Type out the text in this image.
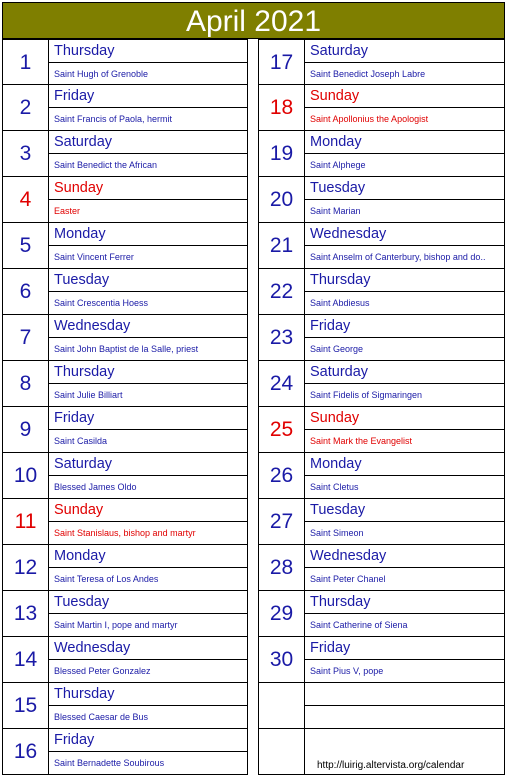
April 2021
1	Thursday
Saint Hugh of Grenoble
2	Friday
Saint Francis of Paola, hermit
3	Saturday
Saint Benedict the African
4	Sunday
Easter
5	Monday
Saint Vincent Ferrer
6	Tuesday
Saint Crescentia Hoess
7	Wednesday
Saint John Baptist de la Salle, priest
8	Thursday
Saint Julie Billiart
9	Friday
Saint Casilda
10	Saturday
Blessed James Oldo
11	Sunday
Saint Stanislaus, bishop and martyr
12	Monday
Saint Teresa of Los Andes
13	Tuesday
Saint Martin I, pope and martyr
14	Wednesday
Blessed Peter Gonzalez
15	Thursday
Blessed Caesar de Bus
16	Friday
Saint Bernadette Soubirous
17	Saturday
Saint Benedict Joseph Labre
18	Sunday
Saint Apollonius the Apologist
19	Monday
Saint Alphege
20	Tuesday
Saint Marian
21	Wednesday
Saint Anselm of Canterbury, bishop and do..
22	Thursday
Saint Abdiesus
23	Friday
Saint George
24	Saturday
Saint Fidelis of Sigmaringen
25	Sunday
Saint Mark the Evangelist
26	Monday
Saint Cletus
27	Tuesday
Saint Simeon
28	Wednesday
Saint Peter Chanel
29	Thursday
Saint Catherine of Siena
30	Friday
Saint Pius V, pope
http://luirig.altervista.org/calendar
